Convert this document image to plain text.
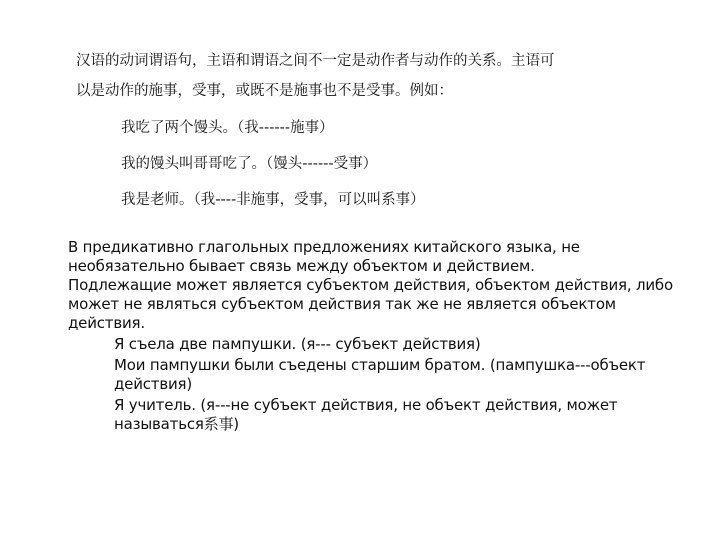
汉语的动词谓语句，主语和谓语之间不一定是动作者与动作的关系。主语可

以是动作的施事，受事，或既不是施事也不是受事。例如：

我吃了两个馒头。（我------施事）

我的馒头叫哥哥吃了。（馒头------受事）

我是老师。（我----非施事，受事，可以叫系事）

В предикативно глагольных предложениях китайского языка, не необязательно бывает связь между объектом и действием.

Подлежащие может является субъектом действия, объектом действия, либо может не являться субъектом действия так же не является объектом действия.

Я съела две пампушки. (я--- субъект действия)

Мои пампушки были съедены старшим братом. (пампушка---объект действия)

Я учитель. (я---не субъект действия, не объект действия, может называться系事)
